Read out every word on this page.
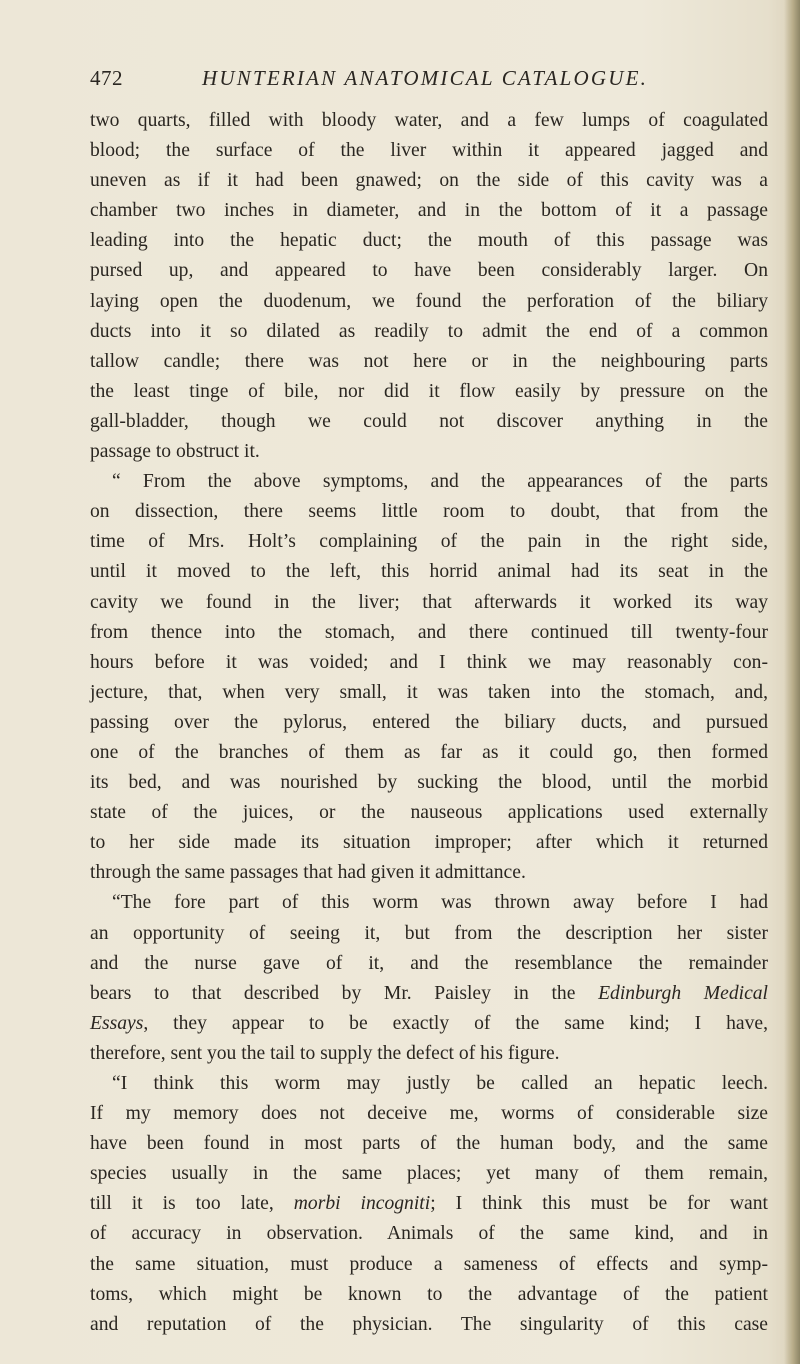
472	HUNTERIAN ANATOMICAL CATALOGUE.
two quarts, filled with bloody water, and a few lumps of coagulated
blood; the surface of the liver within it appeared jagged and
uneven as if it had been gnawed; on the side of this cavity was a
chamber two inches in diameter, and in the bottom of it a passage
leading into the hepatic duct; the mouth of this passage was
pursed up, and appeared to have been considerably larger. On
laying open the duodenum, we found the perforation of the biliary
ducts into it so dilated as readily to admit the end of a common
tallow candle; there was not here or in the neighbouring parts
the least tinge of bile, nor did it flow easily by pressure on the
gall-bladder, though we could not discover anything in the
passage to obstruct it.
“ From the above symptoms, and the appearances of the parts
on dissection, there seems little room to doubt, that from the
time of Mrs. Holt’s complaining of the pain in the right side,
until it moved to the left, this horrid animal had its seat in the
cavity we found in the liver; that afterwards it worked its way
from thence into the stomach, and there continued till twenty-four
hours before it was voided; and I think we may reasonably con-
jecture, that, when very small, it was taken into the stomach, and,
passing over the pylorus, entered the biliary ducts, and pursued
one of the branches of them as far as it could go, then formed
its bed, and was nourished by sucking the blood, until the morbid
state of the juices, or the nauseous applications used externally
to her side made its situation improper; after which it returned
through the same passages that had given it admittance.
“The fore part of this worm was thrown away before I had
an opportunity of seeing it, but from the description her sister
and the nurse gave of it, and the resemblance the remainder
bears to that described by Mr. Paisley in the Edinburgh Medical
Essays, they appear to be exactly of the same kind; I have,
therefore, sent you the tail to supply the defect of his figure.
“I think this worm may justly be called an hepatic leech.
If my memory does not deceive me, worms of considerable size
have been found in most parts of the human body, and the same
species usually in the same places; yet many of them remain,
till it is too late, morbi incogniti; I think this must be for want
of accuracy in observation. Animals of the same kind, and in
the same situation, must produce a sameness of effects and symp-
toms, which might be known to the advantage of the patient
and reputation of the physician. The singularity of this case
